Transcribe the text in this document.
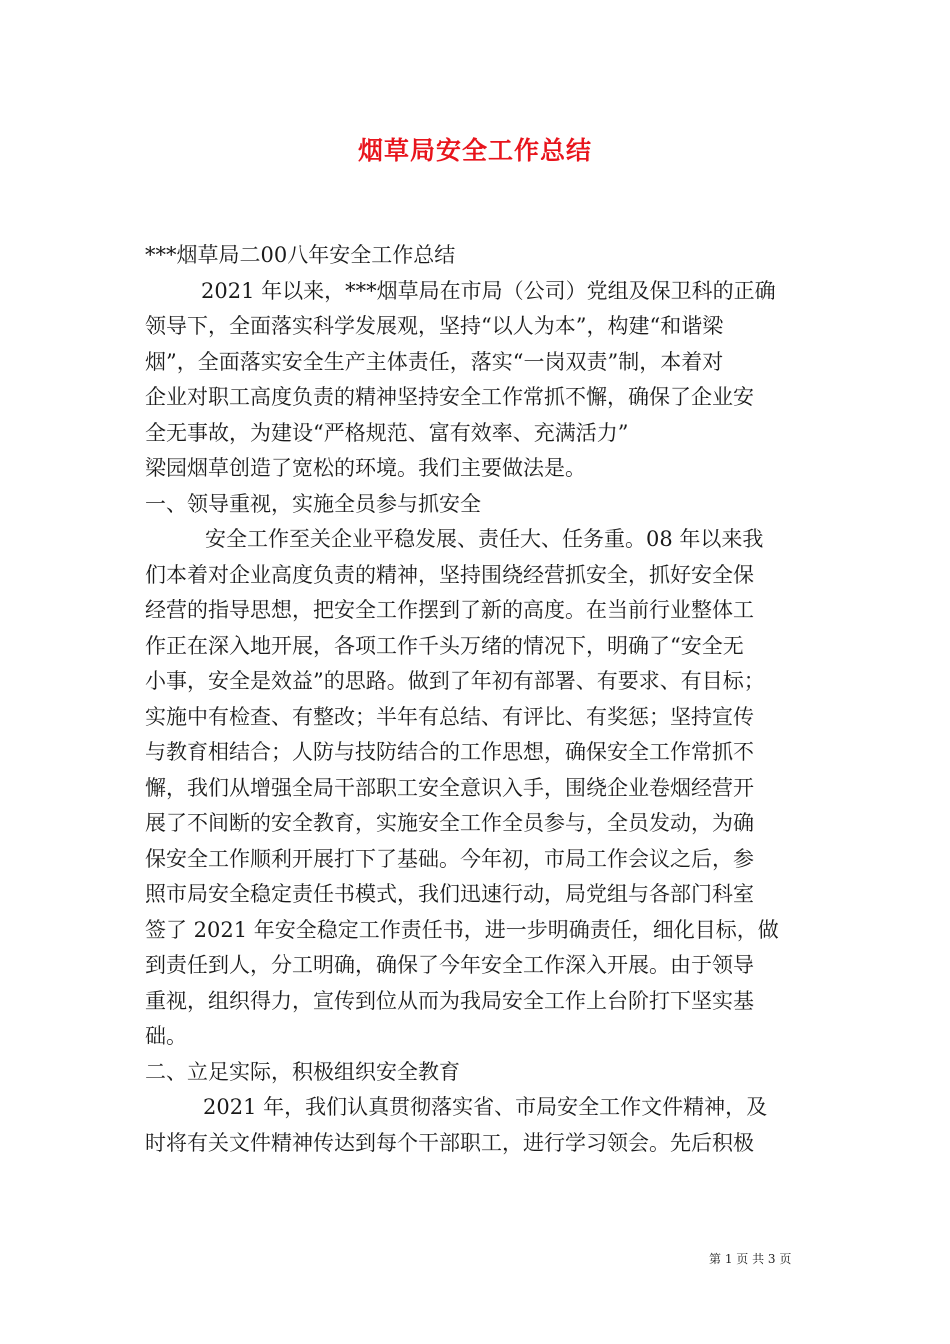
烟草局安全工作总结

***烟草局二00八年安全工作总结

2021 年以来，***烟草局在市局（公司）党组及保卫科的正确
领导下，全面落实科学发展观，坚持“以人为本”，构建“和谐梁
烟”，全面落实安全生产主体责任，落实“一岗双责”制，本着对
企业对职工高度负责的精神坚持安全工作常抓不懈，确保了企业安
全无事故，为建设“严格规范、富有效率、充满活力”

梁园烟草创造了宽松的环境。我们主要做法是。

一、领导重视，实施全员参与抓安全

安全工作至关企业平稳发展、责任大、任务重。08 年以来我
们本着对企业高度负责的精神，坚持围绕经营抓安全，抓好安全保
经营的指导思想，把安全工作摆到了新的高度。在当前行业整体工
作正在深入地开展，各项工作千头万绪的情况下，明确了“安全无
小事，安全是效益”的思路。做到了年初有部署、有要求、有目标；
实施中有检查、有整改；半年有总结、有评比、有奖惩；坚持宣传
与教育相结合；人防与技防结合的工作思想，确保安全工作常抓不
懈，我们从增强全局干部职工安全意识入手，围绕企业卷烟经营开
展了不间断的安全教育，实施安全工作全员参与，全员发动，为确
保安全工作顺利开展打下了基础。今年初，市局工作会议之后，参
照市局安全稳定责任书模式，我们迅速行动，局党组与各部门科室
签了 2021 年安全稳定工作责任书，进一步明确责任，细化目标，做
到责任到人，分工明确，确保了今年安全工作深入开展。由于领导
重视，组织得力，宣传到位从而为我局安全工作上台阶打下坚实基
础。

二、立足实际，积极组织安全教育

2021 年，我们认真贯彻落实省、市局安全工作文件精神，及
时将有关文件精神传达到每个干部职工，进行学习领会。先后积极
第 1 页 共 3 页
